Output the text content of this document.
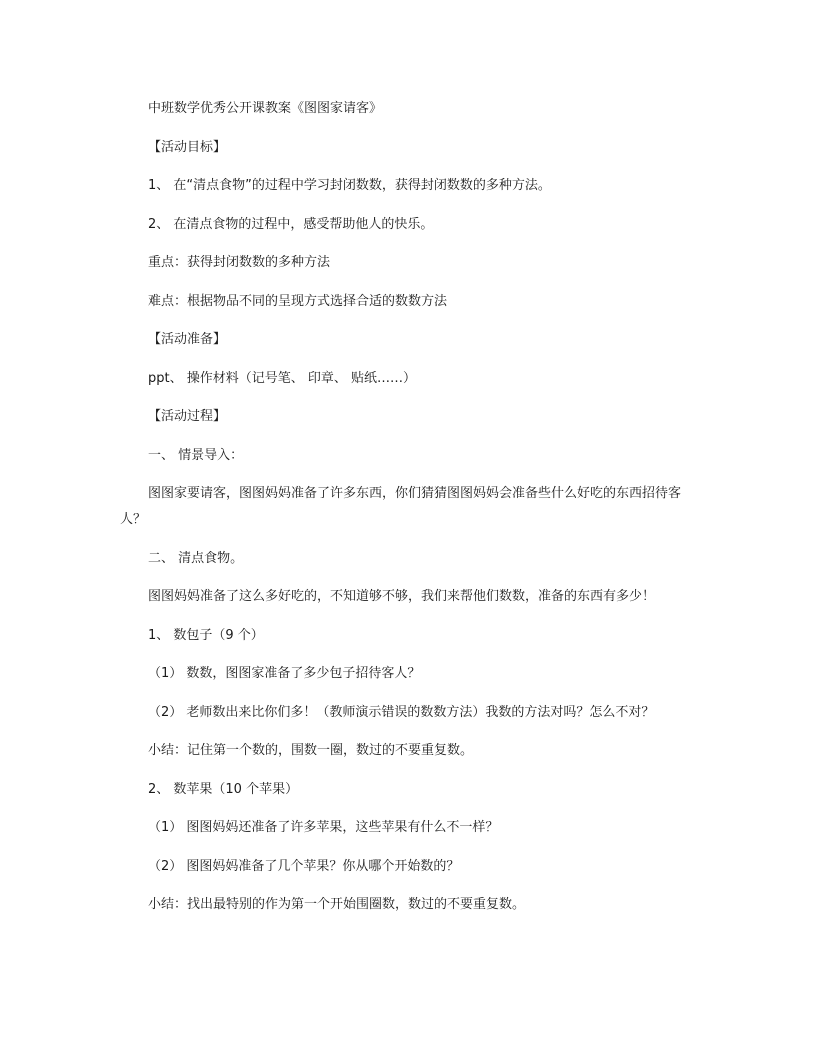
中班数学优秀公开课教案《图图家请客》

【活动目标】

1、 在“清点食物”的过程中学习封闭数数，获得封闭数数的多种方法。

2、 在清点食物的过程中，感受帮助他人的快乐。

重点：获得封闭数数的多种方法

难点：根据物品不同的呈现方式选择合适的数数方法

【活动准备】

ppt、 操作材料（记号笔、 印章、 贴纸……）

【活动过程】

一、 情景导入：

图图家要请客，图图妈妈准备了许多东西，你们猜猜图图妈妈会准备些什么好吃的东西招待客人？

二、 清点食物。

图图妈妈准备了这么多好吃的，不知道够不够，我们来帮他们数数，准备的东西有多少！

1、 数包子（9 个）

（1） 数数，图图家准备了多少包子招待客人？

（2） 老师数出来比你们多！（教师演示错误的数数方法）我数的方法对吗？怎么不对？

小结：记住第一个数的，围数一圈，数过的不要重复数。

2、 数苹果（10 个苹果）

（1） 图图妈妈还准备了许多苹果，这些苹果有什么不一样？

（2） 图图妈妈准备了几个苹果？你从哪个开始数的？

小结：找出最特别的作为第一个开始围圈数，数过的不要重复数。
